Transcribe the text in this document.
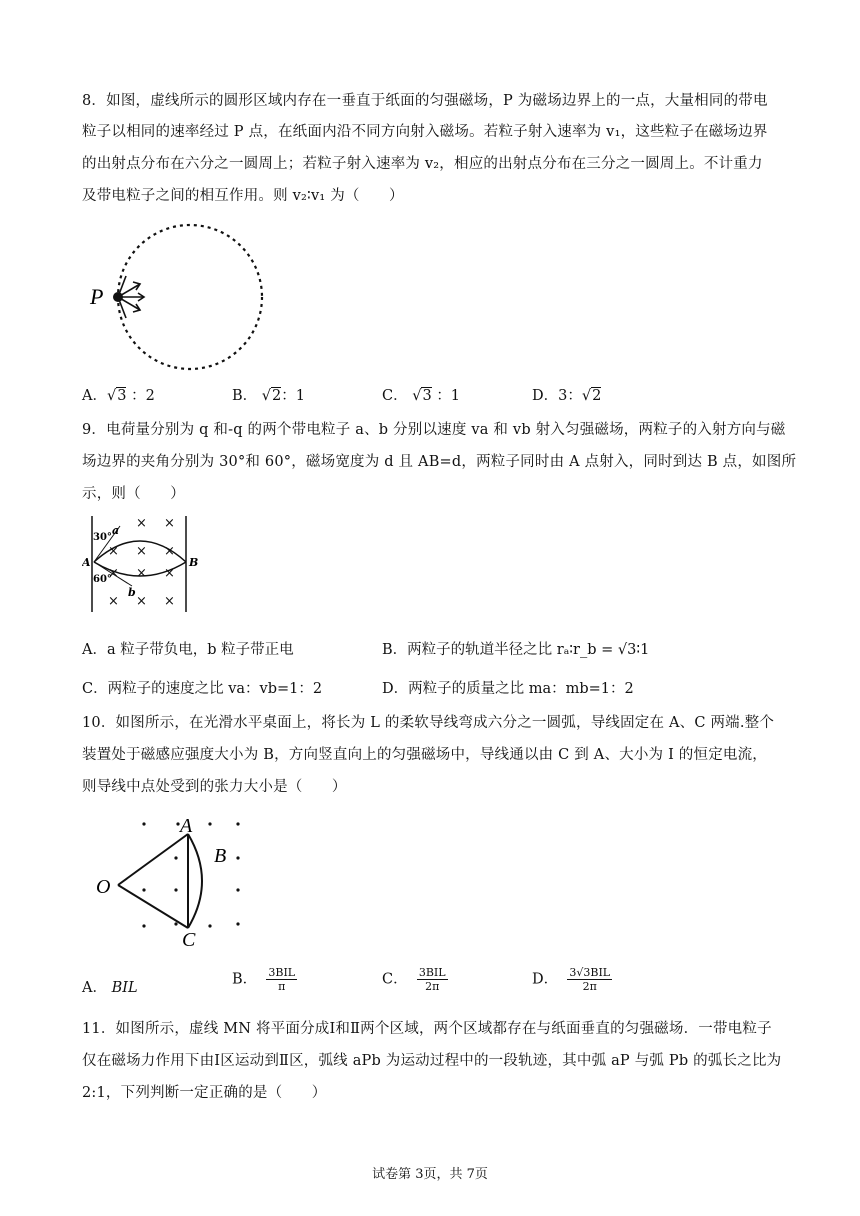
8．如图，虚线所示的圆形区域内存在一垂直于纸面的匀强磁场，P 为磁场边界上的一点，大量相同的带电
粒子以相同的速率经过 P 点，在纸面内沿不同方向射入磁场。若粒子射入速率为 v₁，这些粒子在磁场边界
的出射点分布在六分之一圆周上；若粒子射入速率为 v₂，相应的出射点分布在三分之一圆周上。不计重力
及带电粒子之间的相互作用。则 v₂∶v₁ 为（　　）
P
A．√3 ：2	B． √2：1	C． √3 ：1	D．3：√2
9．电荷量分别为 q 和-q 的两个带电粒子 a、b 分别以速度 va 和 vb 射入匀强磁场，两粒子的入射方向与磁
场边界的夹角分别为 30°和 60°，磁场宽度为 d 且 AB=d，两粒子同时由 A 点射入，同时到达 B 点，如图所
示，则（　　）
× ×
× × ×
× × ×
× × ×
30°
60°
a
b
A	B
A．a 粒子带负电，b 粒子带正电	B．两粒子的轨道半径之比 rₐ∶r_b = √3∶1
C．两粒子的速度之比 va：vb=1：2	D．两粒子的质量之比 ma：mb=1：2
10．如图所示，在光滑水平桌面上，将长为 L 的柔软导线弯成六分之一圆弧，导线固定在 A、C 两端.整个
装置处于磁感应强度大小为 B，方向竖直向上的匀强磁场中，导线通以由 C 到 A、大小为 I 的恒定电流，
则导线中点处受到的张力大小是（　　）
A
B
C
O
A． BIL
B． $\frac{\text{3BIL}}{\pi}$	C． $\frac{\text{3BIL}}{2\pi}$	D． $\frac{\text{3√3BIL}}{2\pi}$
11．如图所示，虚线 MN 将平面分成Ⅰ和Ⅱ两个区域，两个区域都存在与纸面垂直的匀强磁场．一带电粒子
仅在磁场力作用下由Ⅰ区运动到Ⅱ区，弧线 aPb 为运动过程中的一段轨迹，其中弧 aP 与弧 Pb 的弧长之比为
2:1，下列判断一定正确的是（　　）
试卷第 3页，共 7页
